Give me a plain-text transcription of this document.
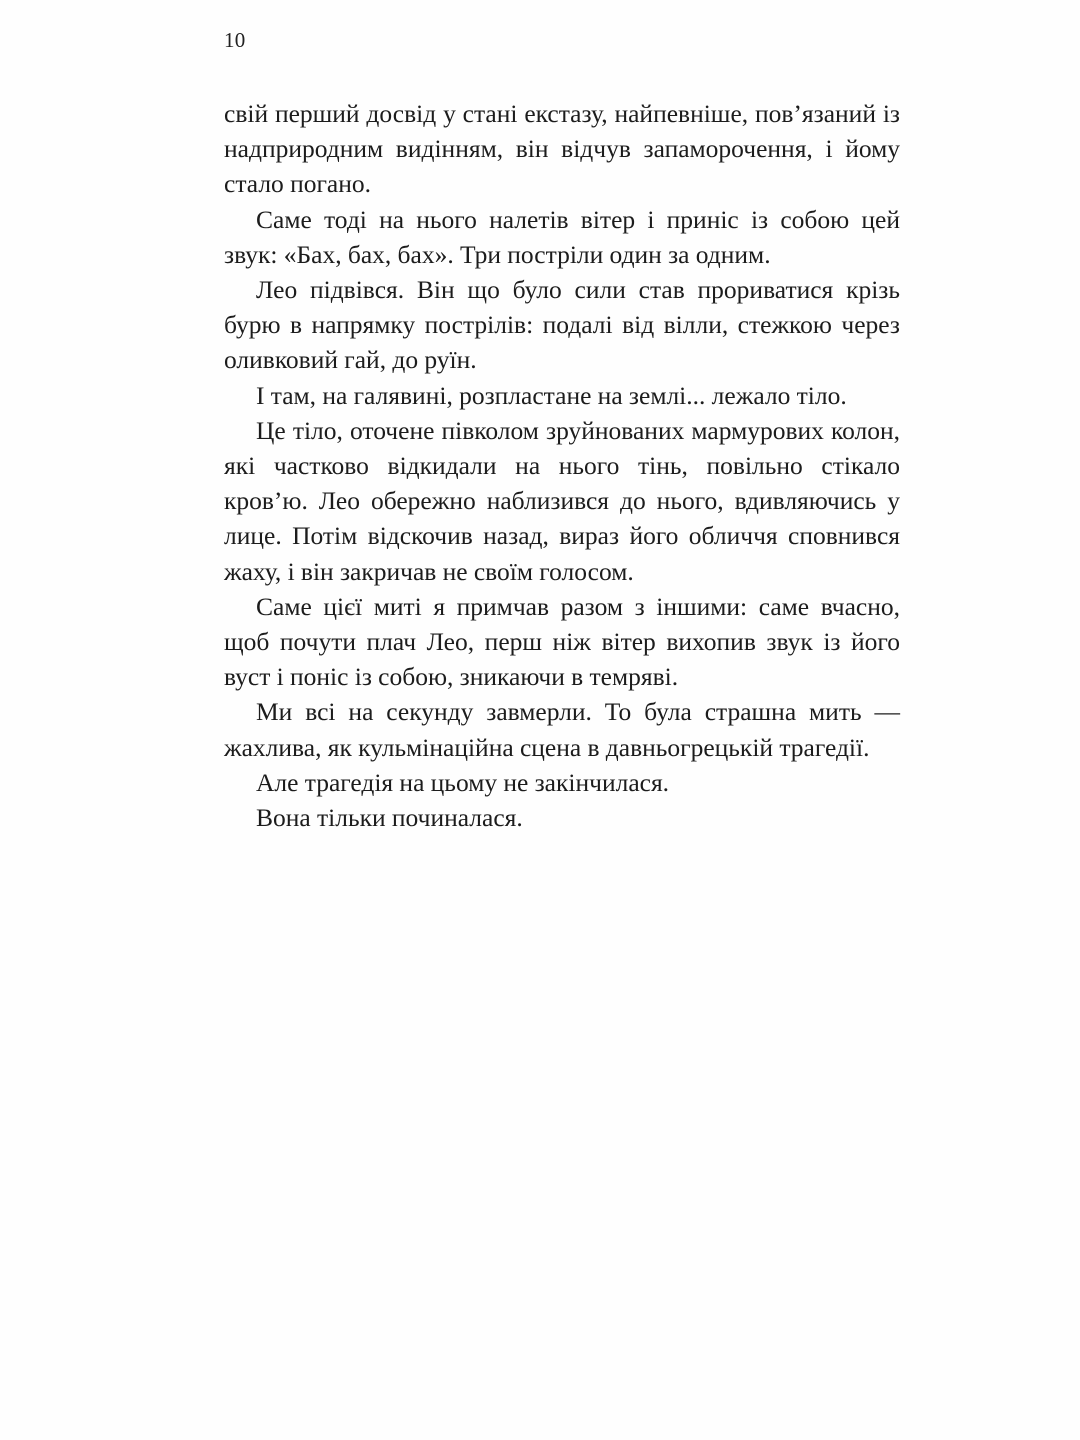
10

свій перший досвід у стані екстазу, найпевніше, пов’язаний із надприродним видінням, він відчув запаморочення, і йому стало погано.

Саме тоді на нього налетів вітер і приніс із собою цей звук: «Бах, бах, бах». Три постріли один за одним.

Лео підвівся. Він що було сили став прориватися крізь бурю в напрямку пострілів: подалі від вілли, стежкою через оливковий гай, до руїн.

І там, на галявині, розпластане на землі... лежало тіло.

Це тіло, оточене півколом зруйнованих мармурових колон, які частково відкидали на нього тінь, повільно стікало кров’ю. Лео обережно наблизився до нього, вдивляючись у лице. Потім відскочив назад, вираз його обличчя сповнився жаху, і він закричав не своїм голосом.

Саме цієї миті я примчав разом з іншими: саме вчасно, щоб почути плач Лео, перш ніж вітер вихопив звук із його вуст і поніс із собою, зникаючи в темряві.

Ми всі на секунду завмерли. То була страшна мить — жахлива, як кульмінаційна сцена в давньогрецькій трагедії.

Але трагедія на цьому не закінчилася.

Вона тільки починалася.
